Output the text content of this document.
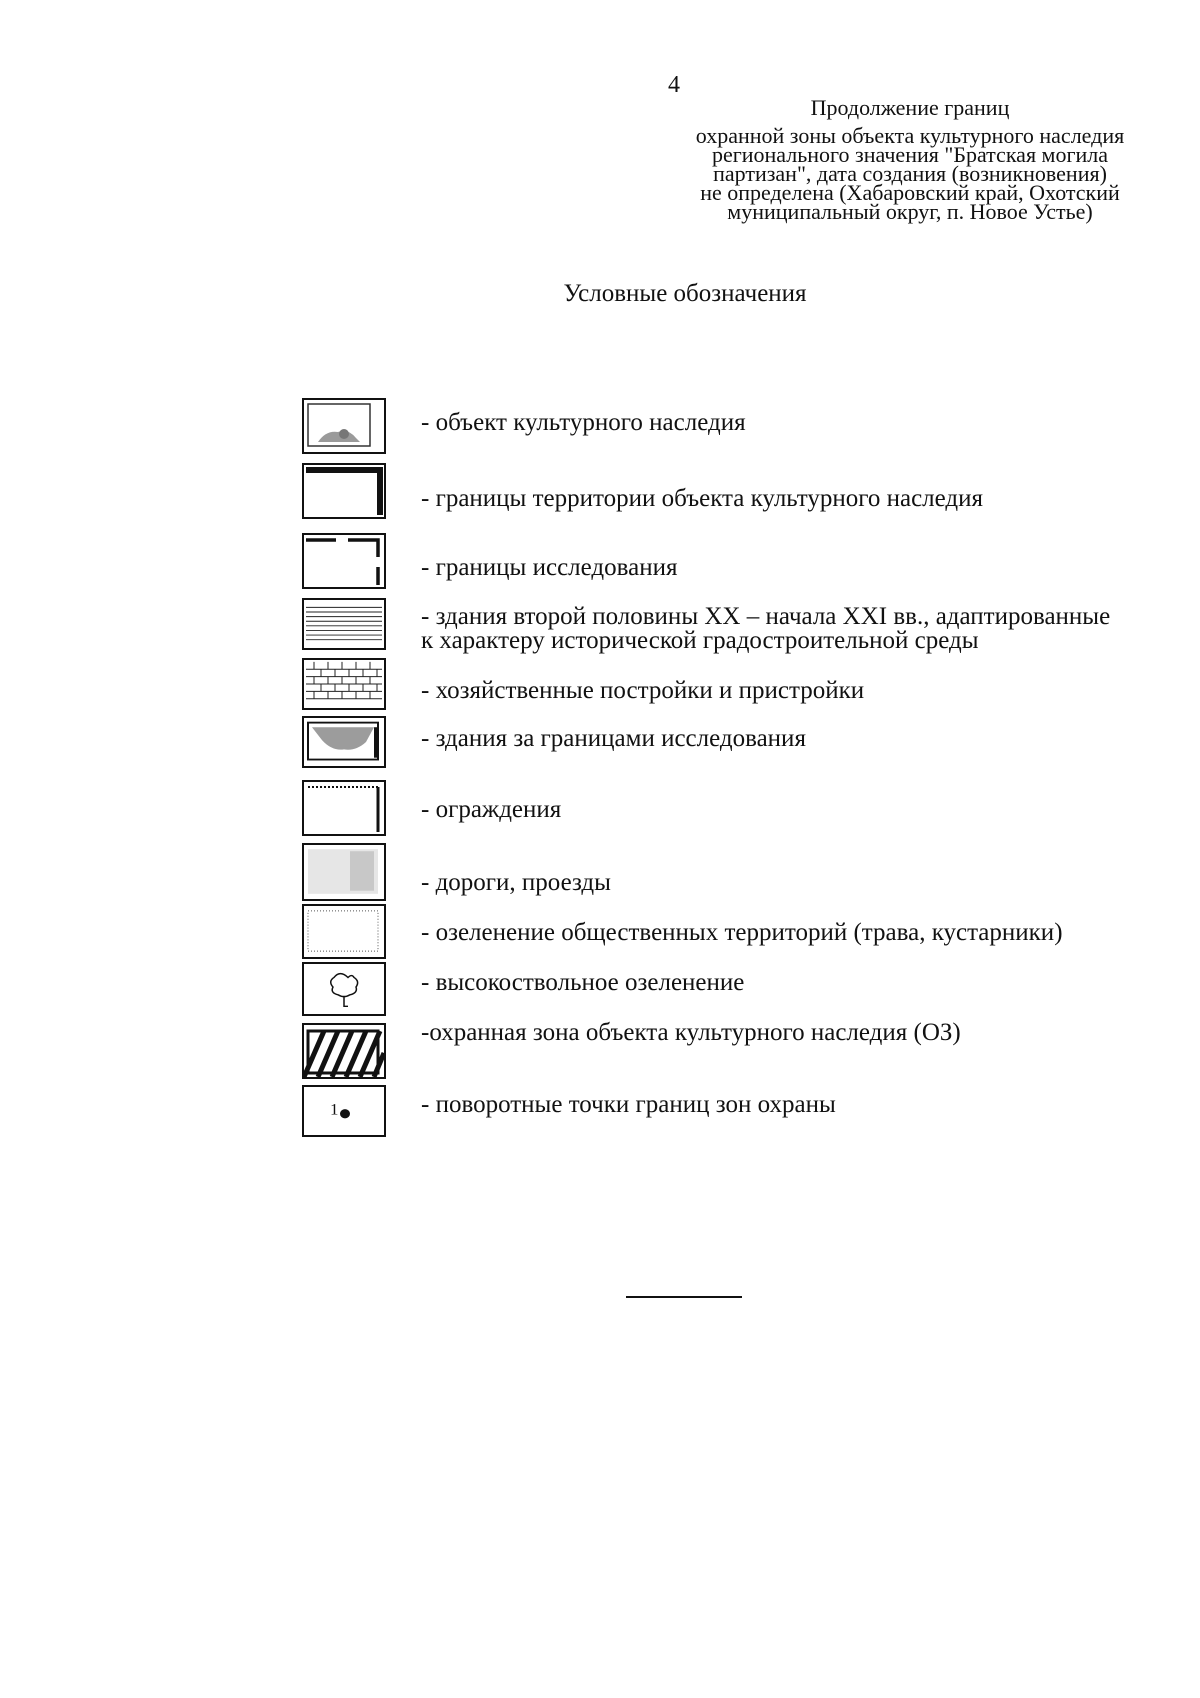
4
Продолжение границ
охранной зоны объекта культурного наследия
регионального значения "Братская могила
партизан", дата создания (возникновения)
не определена (Хабаровский край, Охотский
муниципальный округ, п. Новое Устье)
Условные обозначения
- объект культурного наследия
- границы территории объекта культурного наследия
- границы исследования
- здания второй половины XX – начала XXI вв., адаптированные
к характеру исторической градостроительной среды
- хозяйственные постройки и пристройки
- здания за границами исследования
- ограждения
- дороги, проезды
- озеленение общественных территорий (трава, кустарники)
- высокоствольное озеленение
-охранная зона объекта культурного наследия (ОЗ)
1	- поворотные точки границ зон охраны
